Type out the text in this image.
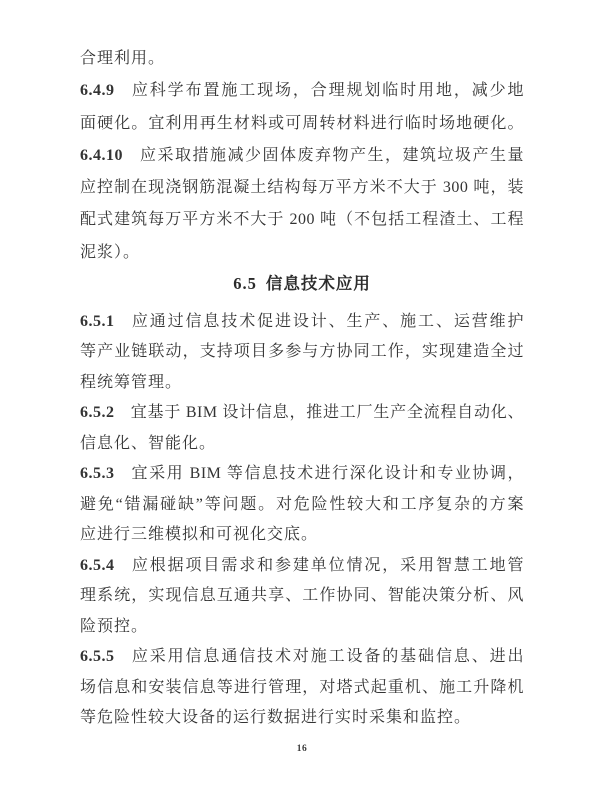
合理利用。

6.4.9 应科学布置施工现场，合理规划临时用地，减少地
面硬化。宜利用再生材料或可周转材料进行临时场地硬化。

6.4.10 应采取措施减少固体废弃物产生，建筑垃圾产生量
应控制在现浇钢筋混凝土结构每万平方米不大于 300 吨，装
配式建筑每万平方米不大于 200 吨（不包括工程渣土、工程
泥浆）。

6.5 信息技术应用

6.5.1 应通过信息技术促进设计、生产、施工、运营维护
等产业链联动，支持项目多参与方协同工作，实现建造全过
程统筹管理。

6.5.2 宜基于 BIM 设计信息，推进工厂生产全流程自动化、
信息化、智能化。

6.5.3 宜采用 BIM 等信息技术进行深化设计和专业协调，
避免“错漏碰缺”等问题。对危险性较大和工序复杂的方案
应进行三维模拟和可视化交底。

6.5.4 应根据项目需求和参建单位情况，采用智慧工地管
理系统，实现信息互通共享、工作协同、智能决策分析、风
险预控。

6.5.5 应采用信息通信技术对施工设备的基础信息、进出
场信息和安装信息等进行管理，对塔式起重机、施工升降机
等危险性较大设备的运行数据进行实时采集和监控。

16
